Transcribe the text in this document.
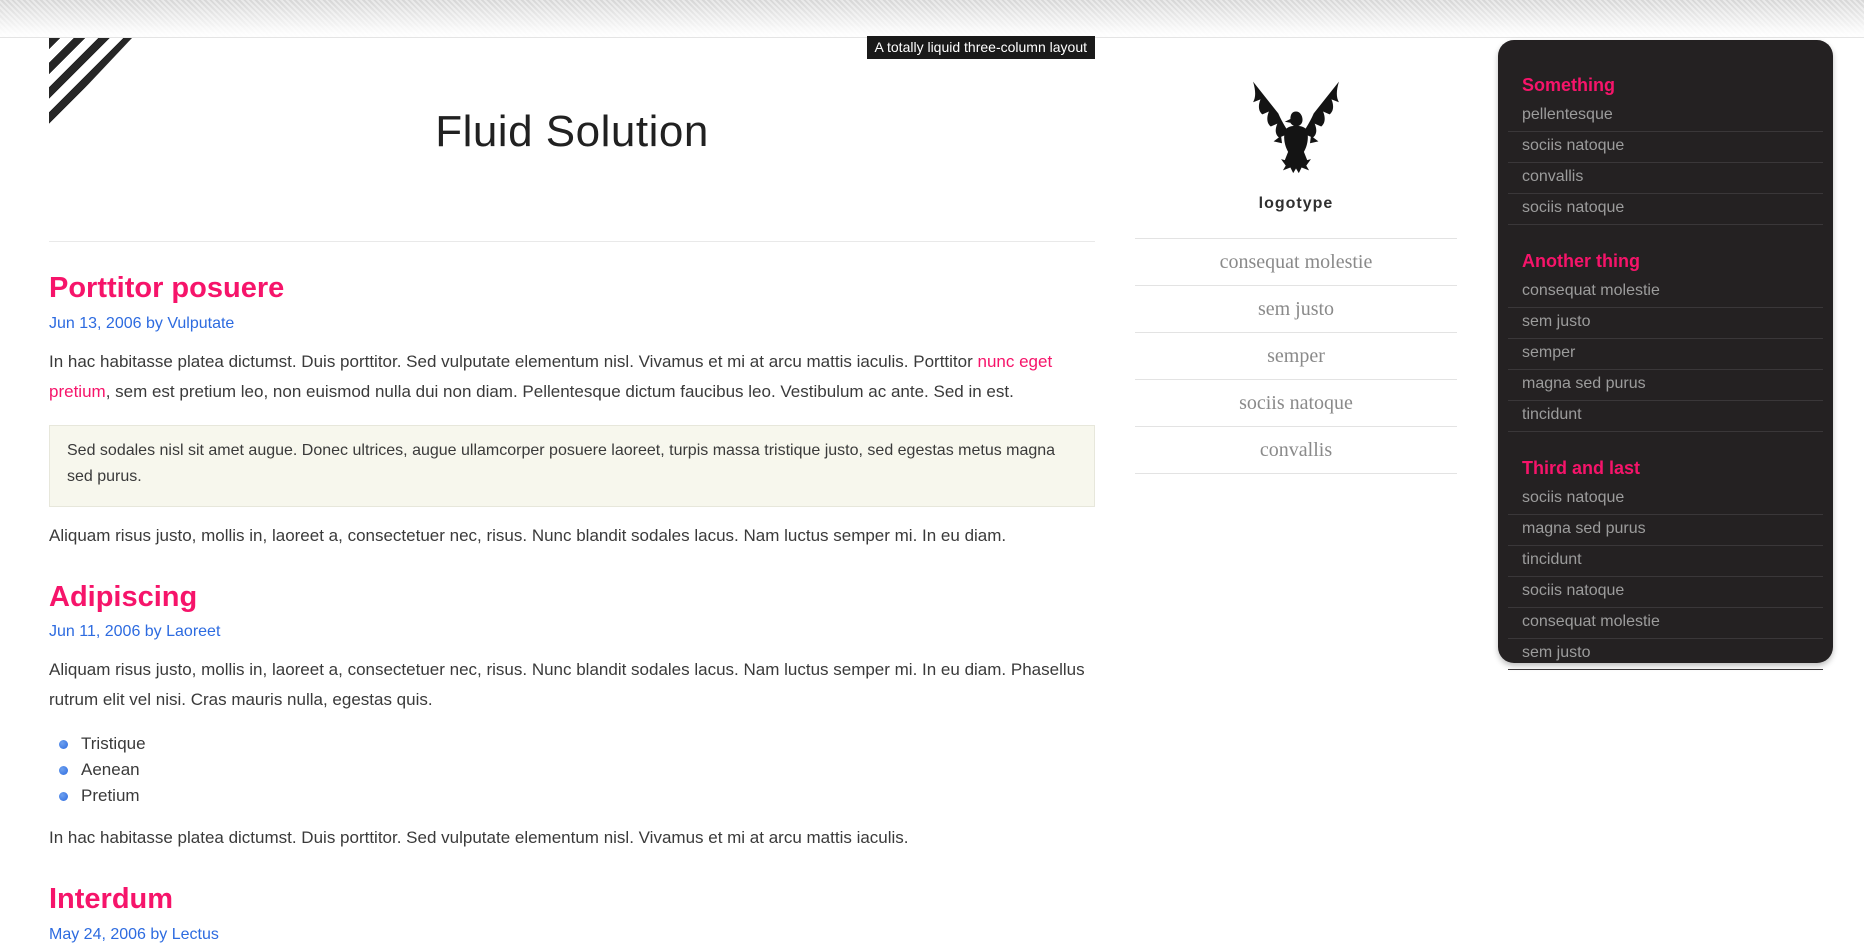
A totally liquid three-column layout
Fluid Solution
Porttitor posuere
Jun 13, 2006 by Vulputate

In hac habitasse platea dictumst. Duis porttitor. Sed vulputate elementum nisl. Vivamus et mi at arcu mattis iaculis. Porttitor nunc eget pretium, sem est pretium leo, non euismod nulla dui non diam. Pellentesque dictum faucibus leo. Vestibulum ac ante. Sed in est.

Sed sodales nisl sit amet augue. Donec ultrices, augue ullamcorper posuere laoreet, turpis massa tristique justo, sed egestas metus magna sed purus.

Aliquam risus justo, mollis in, laoreet a, consectetuer nec, risus. Nunc blandit sodales lacus. Nam luctus semper mi. In eu diam.

Adipiscing
Jun 11, 2006 by Laoreet

Aliquam risus justo, mollis in, laoreet a, consectetuer nec, risus. Nunc blandit sodales lacus. Nam luctus semper mi. In eu diam. Phasellus rutrum elit vel nisi. Cras mauris nulla, egestas quis.

Tristique
Aenean
Pretium

In hac habitasse platea dictumst. Duis porttitor. Sed vulputate elementum nisl. Vivamus et mi at arcu mattis iaculis.

Interdum
May 24, 2006 by Lectus
logotype
consequat molestie
sem justo
semper
sociis natoque
convallis
Something
pellentesque
sociis natoque
convallis
sociis natoque
Another thing
consequat molestie
sem justo
semper
magna sed purus
tincidunt
Third and last
sociis natoque
magna sed purus
tincidunt
sociis natoque
consequat molestie
sem justo
